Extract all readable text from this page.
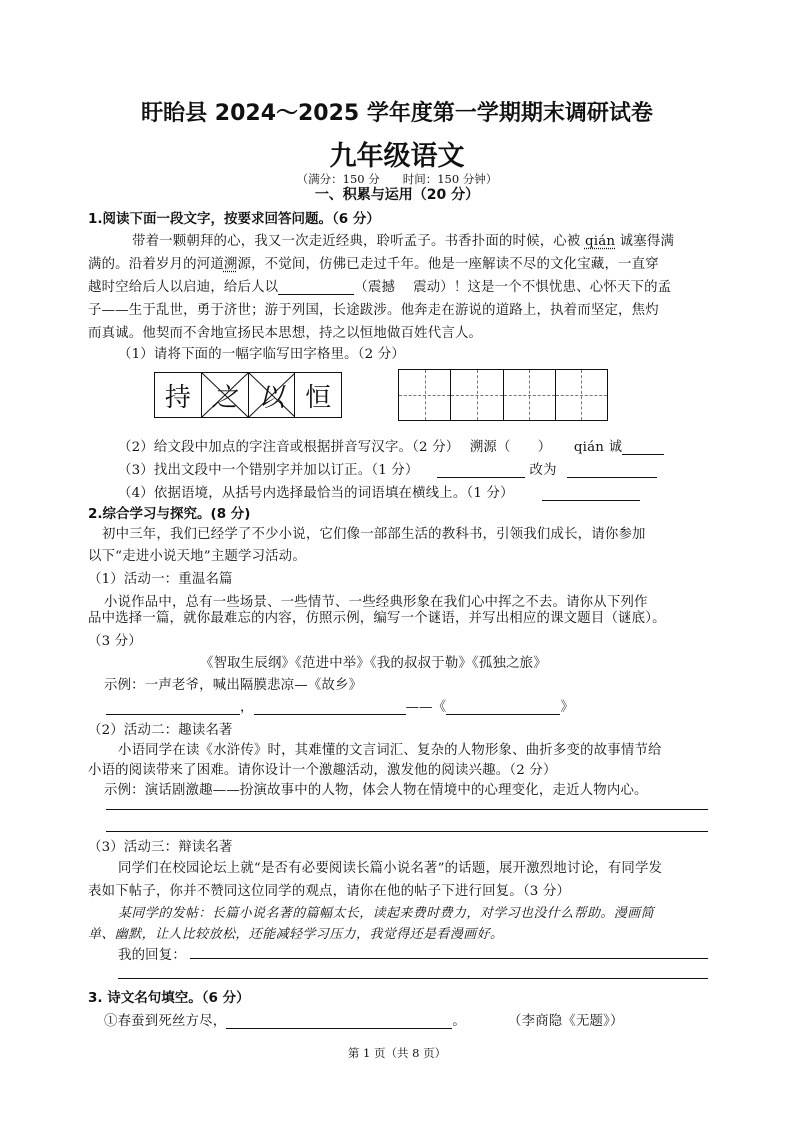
盱眙县 2024～2025 学年度第一学期期末调研试卷
九年级语文
（满分：150 分　　时间：150 分钟）
一、积累与运用（20 分）
1.阅读下面一段文字，按要求回答问题。（6 分）
带着一颗朝拜的心，我又一次走近经典，聆听孟子。书香扑面的时候，心被 qián 诚塞得满
满的。沿着岁月的河道溯源，不觉间，仿佛已走过千年。他是一座解读不尽的文化宝藏，一直穿
越时空给后人以启迪，给后人以	（震撼　 震动）！这是一个不惧忧患、心怀天下的孟
子——生于乱世，勇于济世；游于列国，长途跋涉。他奔走在游说的道路上，执着而坚定，焦灼
而真诚。他契而不舍地宣扬民本思想，持之以恒地做百姓代言人。
（1）请将下面的一幅字临写田字格里。（2 分）
持 之 以 恒
（2）给文段中加点的字注音或根据拼音写汉字。（2 分） 溯源（　　） qián 诚
（3）找出文段中一个错别字并加以订正。（1 分）	改为
（4）依据语境，从括号内选择最恰当的词语填在横线上。（1 分）
2.综合学习与探究。(8 分)
初中三年，我们已经学了不少小说，它们像一部部生活的教科书，引领我们成长，请你参加
以下“走进小说天地”主题学习活动。
（1）活动一：重温名篇
小说作品中，总有一些场景、一些情节、一些经典形象在我们心中挥之不去。请你从下列作
品中选择一篇，就你最难忘的内容，仿照示例，编写一个谜语，并写出相应的课文题目（谜底）。
（3 分）
《智取生辰纲》《范进中举》《我的叔叔于勒》《孤独之旅》
示例：一声老爷，喊出隔膜悲凉—《故乡》
，	——《	》
（2）活动二：趣读名著
小语同学在读《水浒传》时，其难懂的文言词汇、复杂的人物形象、曲折多变的故事情节给
小语的阅读带来了困难。请你设计一个激趣活动，激发他的阅读兴趣。（2 分）
示例：演话剧激趣——扮演故事中的人物，体会人物在情境中的心理变化，走近人物内心。
（3）活动三：辩读名著
同学们在校园论坛上就“是否有必要阅读长篇小说名著”的话题，展开激烈地讨论，有同学发
表如下帖子，你并不赞同这位同学的观点，请你在他的帖子下进行回复。（3 分）
某同学的发帖：长篇小说名著的篇幅太长，读起来费时费力，对学习也没什么帮助。漫画简
单、幽默，让人比较放松，还能减轻学习压力，我觉得还是看漫画好。
我的回复：
3. 诗文名句填空。（6 分）
①春蚕到死丝方尽，	。	（李商隐《无题》）
第 1 页（共 8 页）
